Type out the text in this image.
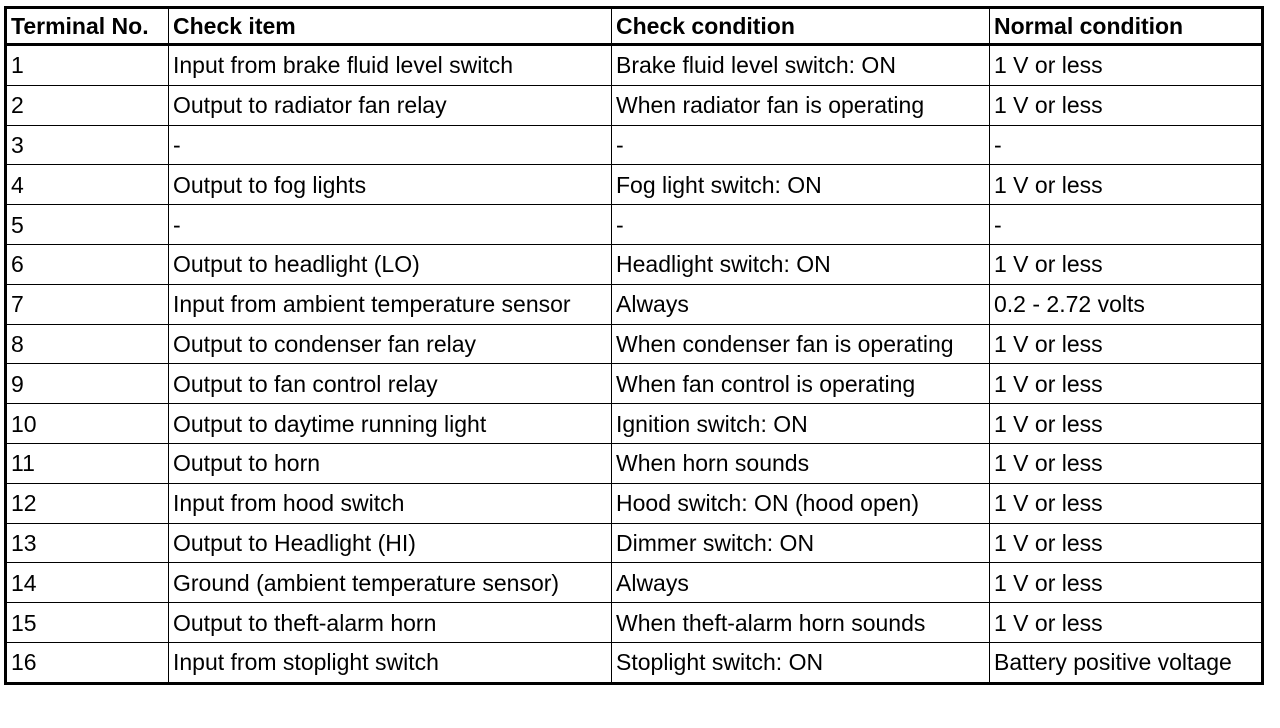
Terminal No.	Check item	Check condition	Normal condition
1	Input from brake fluid level switch	Brake fluid level switch: ON	1 V or less
2	Output to radiator fan relay	When radiator fan is operating	1 V or less
3	-	-	-
4	Output to fog lights	Fog light switch: ON	1 V or less
5	-	-	-
6	Output to headlight (LO)	Headlight switch: ON	1 V or less
7	Input from ambient temperature sensor	Always	0.2 - 2.72 volts
8	Output to condenser fan relay	When condenser fan is operating	1 V or less
9	Output to fan control relay	When fan control is operating	1 V or less
10	Output to daytime running light	Ignition switch: ON	1 V or less
11	Output to horn	When horn sounds	1 V or less
12	Input from hood switch	Hood switch: ON (hood open)	1 V or less
13	Output to Headlight (HI)	Dimmer switch: ON	1 V or less
14	Ground (ambient temperature sensor)	Always	1 V or less
15	Output to theft-alarm horn	When theft-alarm horn sounds	1 V or less
16	Input from stoplight switch	Stoplight switch: ON	Battery positive voltage
